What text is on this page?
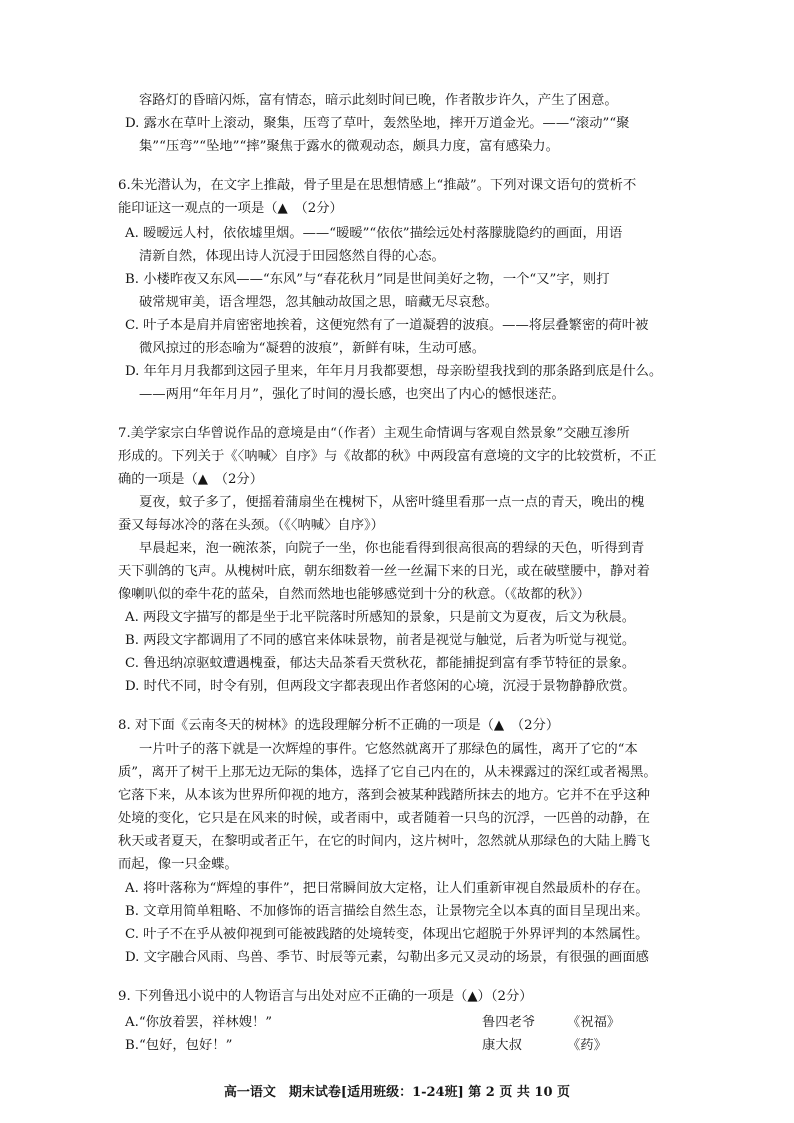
容路灯的昏暗闪烁，富有情态，暗示此刻时间已晚，作者散步许久，产生了困意。
D. 露水在草叶上滚动，聚集，压弯了草叶，轰然坠地，摔开万道金光。——“滚动”“聚
集”“压弯”“坠地”“摔”聚焦于露水的微观动态，颇具力度，富有感染力。
6.朱光潜认为，在文字上推敲，骨子里是在思想情感上“推敲”。下列对课文语句的赏析不
能印证这一观点的一项是（▲　（2分）
A. 暧暧远人村，依依墟里烟。——“暧暧”“依依”描绘远处村落朦胧隐约的画面，用语
清新自然，体现出诗人沉浸于田园悠然自得的心态。
B. 小楼昨夜又东风——“东风”与“春花秋月”同是世间美好之物，一个“又”字，则打
破常规审美，语含埋怨，忽其触动故国之思，暗藏无尽哀愁。
C. 叶子本是肩并肩密密地挨着，这便宛然有了一道凝碧的波痕。——将层叠繁密的荷叶被
微风掠过的形态喻为“凝碧的波痕”，新鲜有味，生动可感。
D. 年年月月我都到这园子里来，年年月月我都要想，母亲盼望我找到的那条路到底是什么。
——两用“年年月月”，强化了时间的漫长感，也突出了内心的憾恨迷茫。
7.美学家宗白华曾说作品的意境是由“（作者）主观生命情调与客观自然景象”交融互渗所
形成的。下列关于《〈呐喊〉自序》与《故都的秋》中两段富有意境的文字的比较赏析，不正
确的一项是（▲　（2分）
夏夜，蚊子多了，便摇着蒲扇坐在槐树下，从密叶缝里看那一点一点的青天，晚出的槐
蚕又每每冰冷的落在头颈。（《〈呐喊〉自序》）
早晨起来，泡一碗浓茶，向院子一坐，你也能看得到很高很高的碧绿的天色，听得到青
天下驯鸽的飞声。从槐树叶底，朝东细数着一丝一丝漏下来的日光，或在破壁腰中，静对着
像喇叭似的牵牛花的蓝朵，自然而然地也能够感觉到十分的秋意。（《故都的秋》）
A. 两段文字描写的都是坐于北平院落时所感知的景象，只是前文为夏夜，后文为秋晨。
B. 两段文字都调用了不同的感官来体味景物，前者是视觉与触觉，后者为听觉与视觉。
C. 鲁迅纳凉驱蚊遭遇槐蚕，郁达夫品茶看天赏秋花，都能捕捉到富有季节特征的景象。
D. 时代不同，时令有别，但两段文字都表现出作者悠闲的心境，沉浸于景物静静欣赏。
8. 对下面《云南冬天的树林》的选段理解分析不正确的一项是（▲　（2分）
一片叶子的落下就是一次辉煌的事件。它悠然就离开了那绿色的属性，离开了它的“本
质”，离开了树干上那无边无际的集体，选择了它自己内在的，从未裸露过的深红或者褐黑。
它落下来，从本该为世界所仰视的地方，落到会被某种践踏所抹去的地方。它并不在乎这种
处境的变化，它只是在风来的时候，或者雨中，或者随着一只鸟的沉浮，一匹兽的动静，在
秋天或者夏天，在黎明或者正午，在它的时间内，这片树叶，忽然就从那绿色的大陆上腾飞
而起，像一只金蝶。
A. 将叶落称为“辉煌的事件”，把日常瞬间放大定格，让人们重新审视自然最质朴的存在。
B. 文章用简单粗略、不加修饰的语言描绘自然生态，让景物完全以本真的面目呈现出来。
C. 叶子不在乎从被仰视到可能被践踏的处境转变，体现出它超脱于外界评判的本然属性。
D. 文字融合风雨、鸟兽、季节、时辰等元素，勾勒出多元又灵动的场景，有很强的画面感
9. 下列鲁迅小说中的人物语言与出处对应不正确的一项是（▲）（2分）
A.“你放着罢，祥林嫂！”	鲁四老爷 《祝福》
B.“包好，包好！”	康大叔	《药》
高一语文　期末试卷[适用班级：1-24班] 第 2 页 共 10 页
